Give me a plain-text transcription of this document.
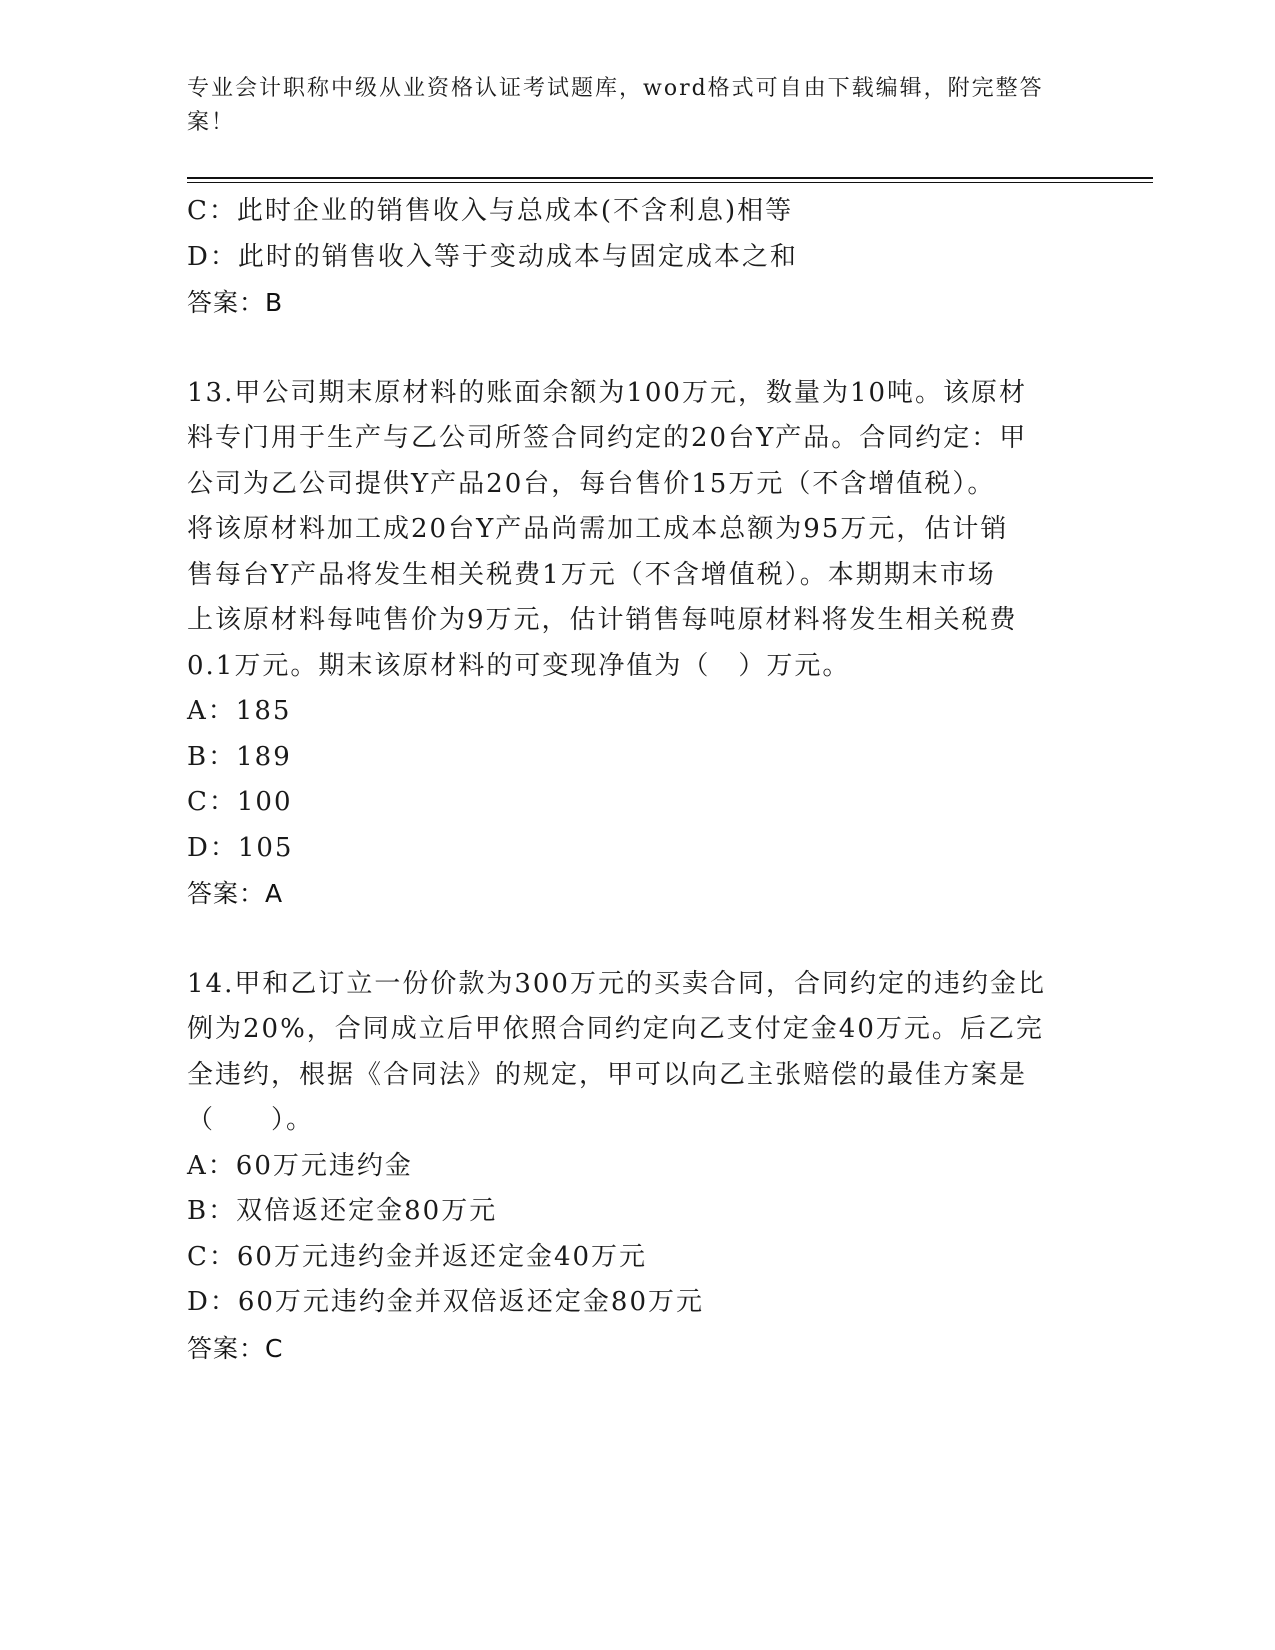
专业会计职称中级从业资格认证考试题库，word格式可自由下载编辑，附完整答
案！
C：此时企业的销售收入与总成本(不含利息)相等
D：此时的销售收入等于变动成本与固定成本之和
答案：B
13.甲公司期末原材料的账面余额为100万元，数量为10吨。该原材
料专门用于生产与乙公司所签合同约定的20台Y产品。合同约定：甲
公司为乙公司提供Y产品20台，每台售价15万元（不含增值税）。
将该原材料加工成20台Y产品尚需加工成本总额为95万元，估计销
售每台Y产品将发生相关税费1万元（不含增值税）。本期期末市场
上该原材料每吨售价为9万元，估计销售每吨原材料将发生相关税费
0.1万元。期末该原材料的可变现净值为（　）万元。
A：185
B：189
C：100
D：105
答案：A
14.甲和乙订立一份价款为300万元的买卖合同，合同约定的违约金比
例为20%，合同成立后甲依照合同约定向乙支付定金40万元。后乙完
全违约，根据《合同法》的规定，甲可以向乙主张赔偿的最佳方案是
（　　）。
A：60万元违约金
B：双倍返还定金80万元
C：60万元违约金并返还定金40万元
D：60万元违约金并双倍返还定金80万元
答案：C
